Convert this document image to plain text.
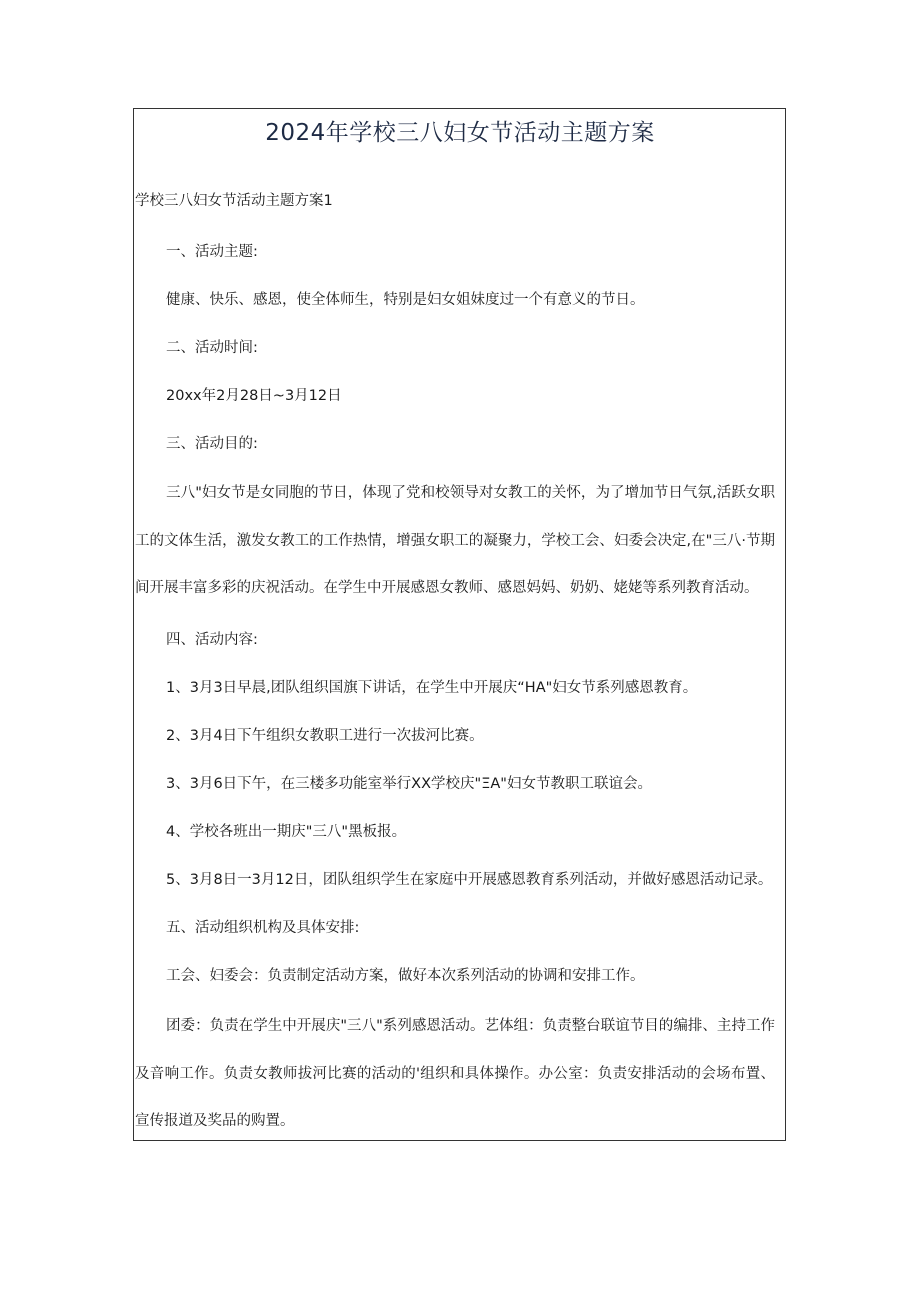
2024年学校三八妇女节活动主题方案
学校三八妇女节活动主题方案1
一、活动主题:
健康、快乐、感恩，使全体师生，特别是妇女姐妹度过一个有意义的节日。
二、活动时间:
20xx年2月28日~3月12日
三、活动目的:
三八"妇女节是女同胞的节日，体现了党和校领导对女教工的关怀，为了增加节日气氛,活跃女职工的文体生活，激发女教工的工作热情，增强女职工的凝聚力，学校工会、妇委会决定,在"三八·节期间开展丰富多彩的庆祝活动。在学生中开展感恩女教师、感恩妈妈、奶奶、姥姥等系列教育活动。
四、活动内容:
1、3月3日早晨,团队组织国旗下讲话，在学生中开展庆“HA"妇女节系列感恩教育。
2、3月4日下午组织女教职工进行一次拔河比赛。
3、3月6日下午，在三楼多功能室举行XX学校庆"ΞA"妇女节教职工联谊会。
4、学校各班出一期庆"三八"黑板报。
5、3月8日一3月12日，团队组织学生在家庭中开展感恩教育系列活动，并做好感恩活动记录。
五、活动组织机构及具体安排:
工会、妇委会：负责制定活动方案，做好本次系列活动的协调和安排工作。
团委：负责在学生中开展庆"三八"系列感恩活动。艺体组：负责整台联谊节目的编排、主持工作及音响工作。负责女教师拔河比赛的活动的'组织和具体操作。办公室：负责安排活动的会场布置、宣传报道及奖品的购置。
